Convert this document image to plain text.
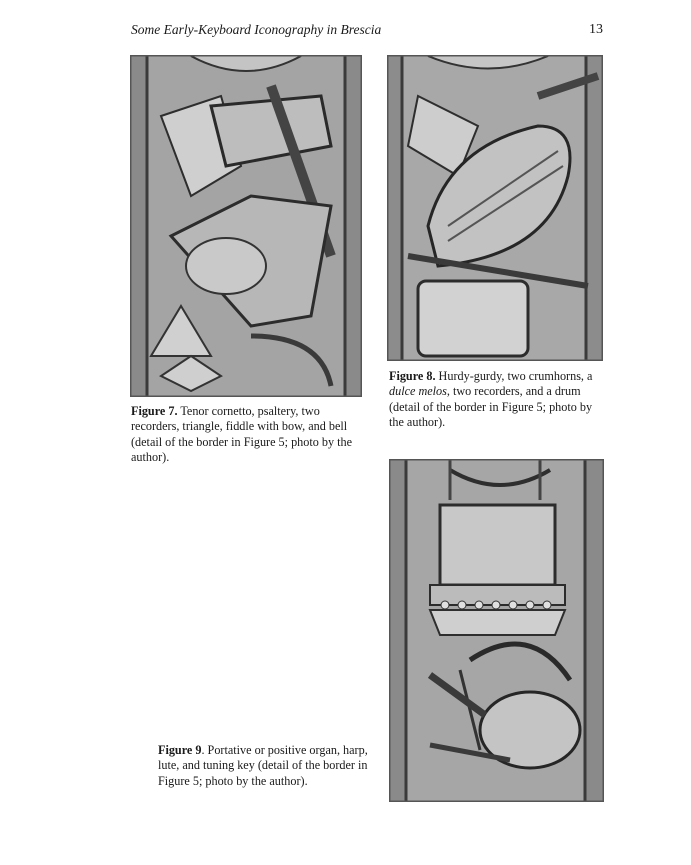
Some Early-Keyboard Iconography in Brescia	13
Figure 7. Tenor cornetto, psaltery, two recorders, triangle, fiddle with bow, and bell (detail of the border in Figure 5; photo by the author).
Figure 8. Hurdy-gurdy, two crumhorns, a dulce melos, two recorders, and a drum (detail of the border in Figure 5; photo by the author).
Figure 9. Portative or positive organ, harp, lute, and tuning key (detail of the border in Figure 5; photo by the author).
